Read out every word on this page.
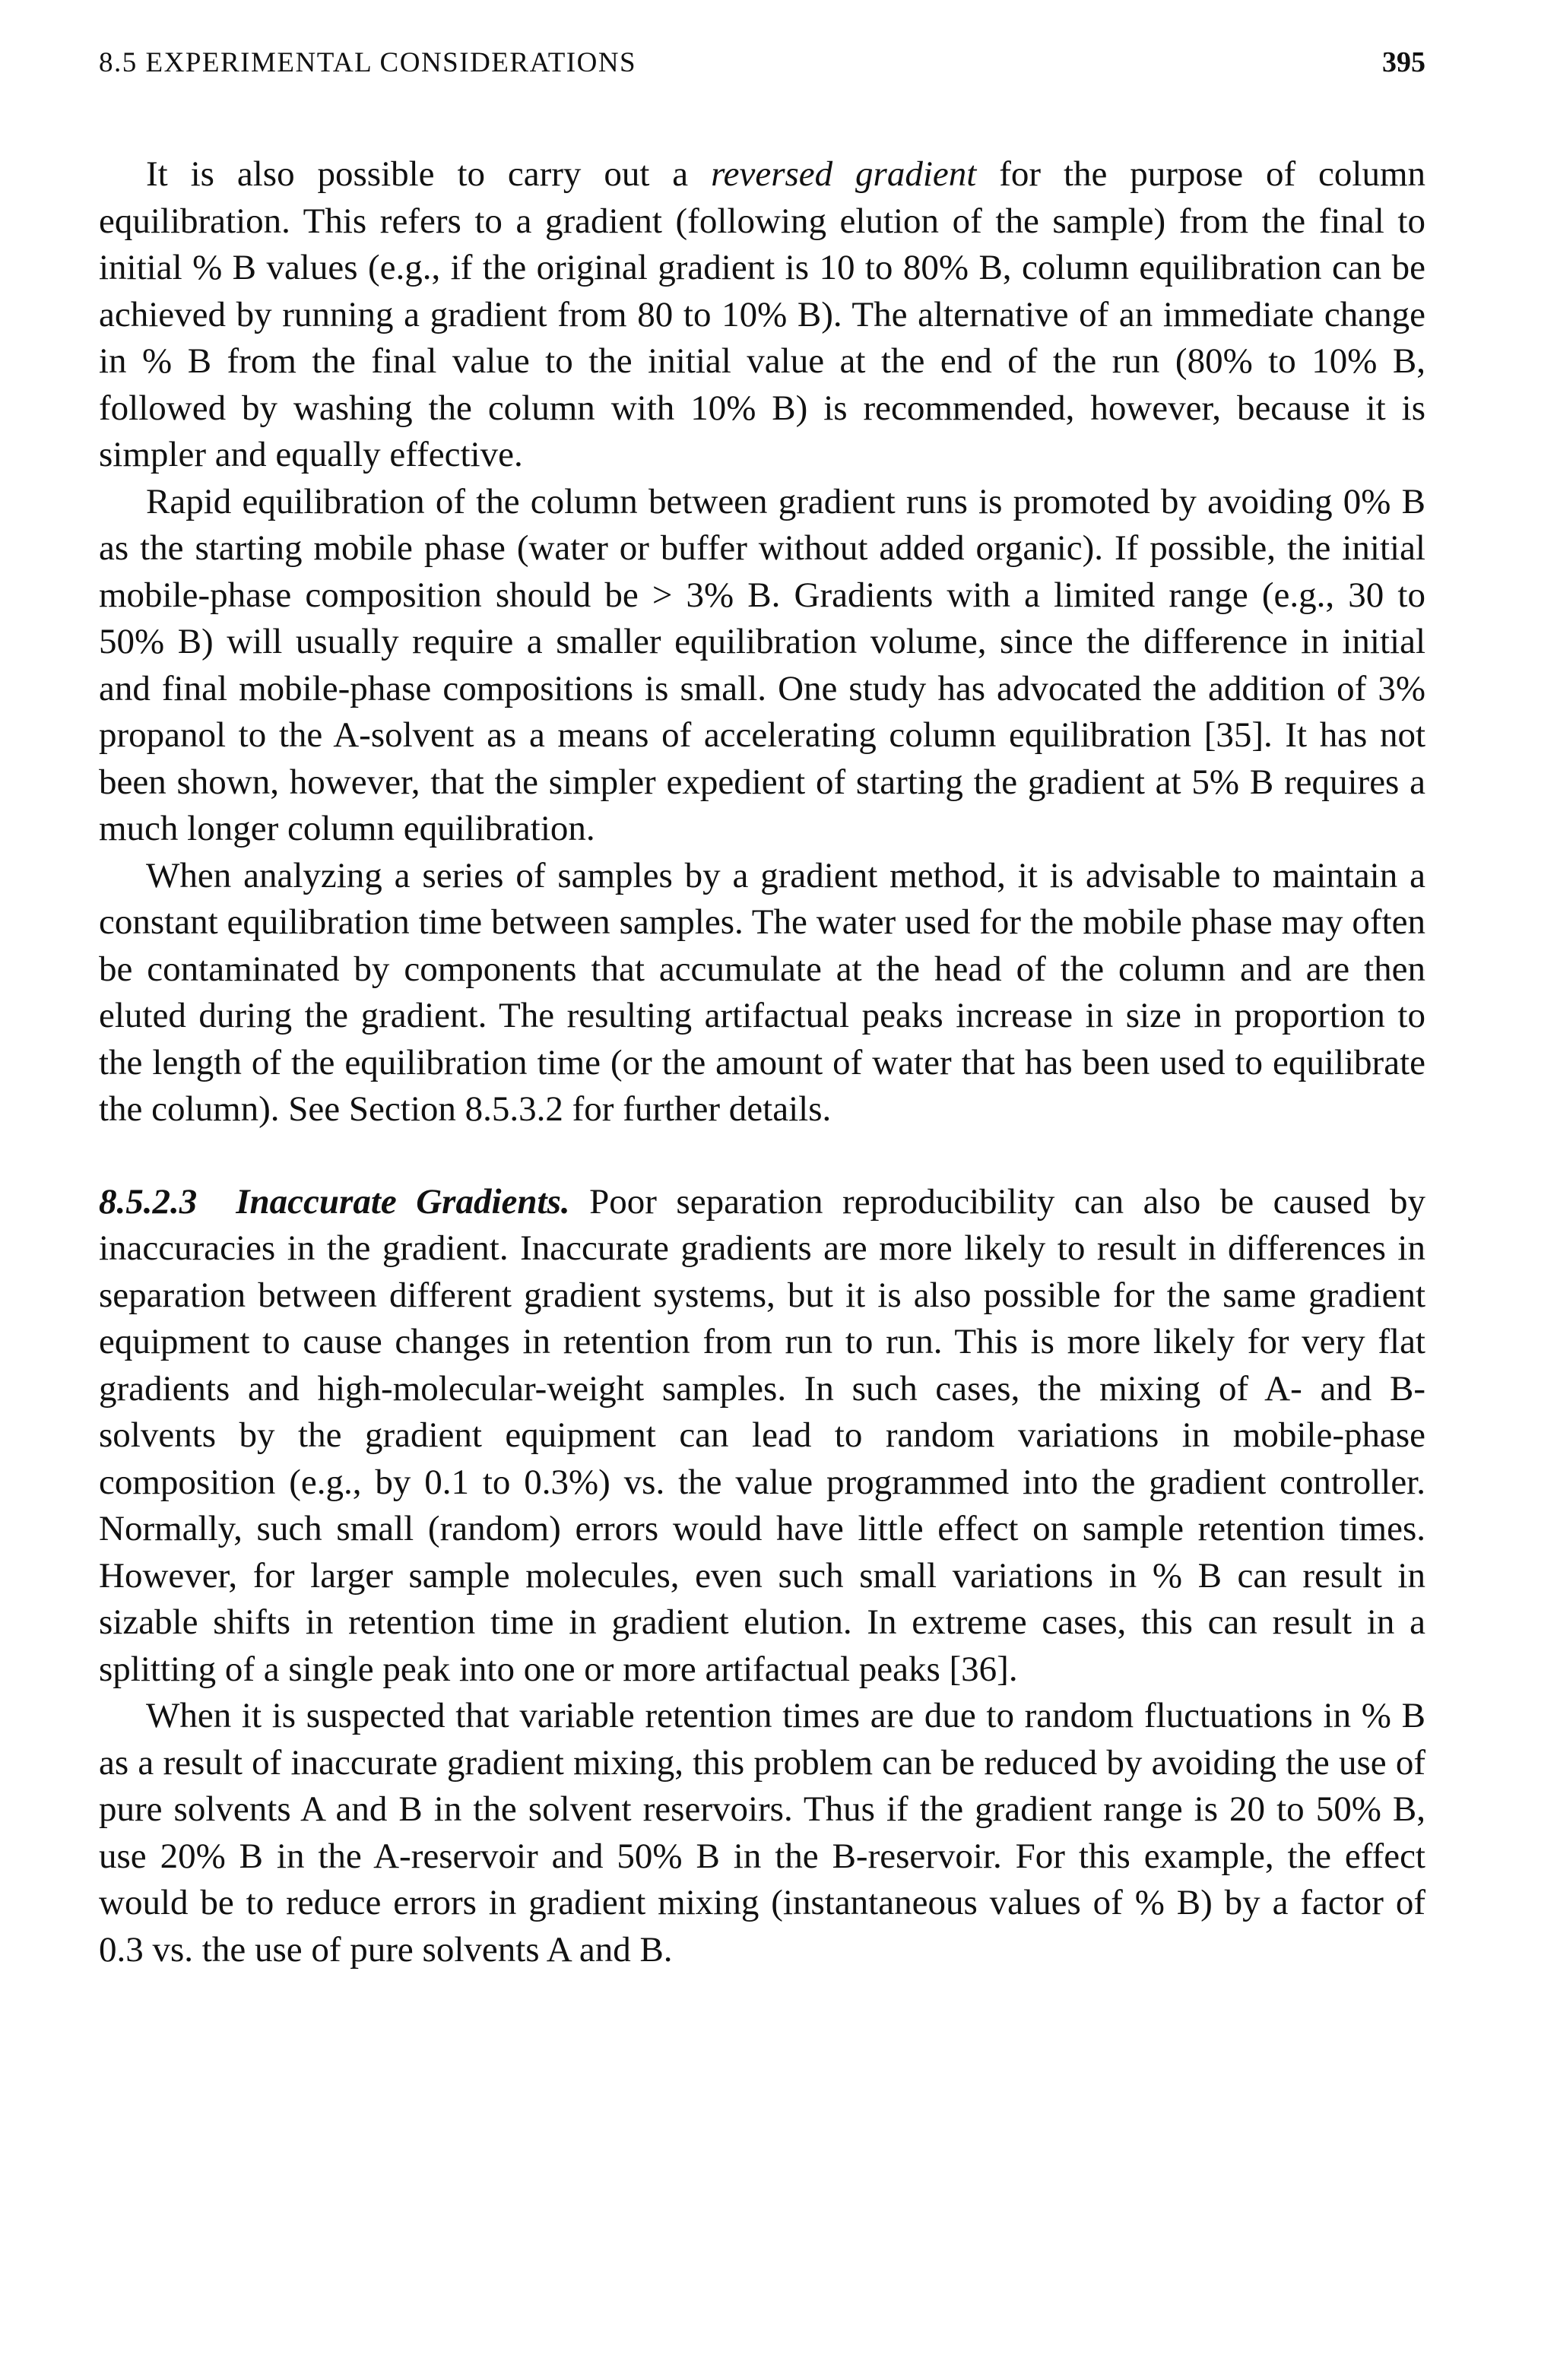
8.5 EXPERIMENTAL CONSIDERATIONS	395

It is also possible to carry out a reversed gradient for the purpose of column equilibration. This refers to a gradient (following elution of the sample) from the final to initial % B values (e.g., if the original gradient is 10 to 80% B, column equilibration can be achieved by running a gradient from 80 to 10% B). The alternative of an immediate change in % B from the final value to the initial value at the end of the run (80% to 10% B, followed by washing the column with 10% B) is recommended, however, because it is simpler and equally effective.

Rapid equilibration of the column between gradient runs is promoted by avoiding 0% B as the starting mobile phase (water or buffer without added organic). If possible, the initial mobile-phase composition should be > 3% B. Gradients with a limited range (e.g., 30 to 50% B) will usually require a smaller equilibration volume, since the difference in initial and final mobile-phase compositions is small. One study has advocated the addition of 3% propanol to the A-solvent as a means of accelerating column equilibration [35]. It has not been shown, however, that the simpler expedient of starting the gradient at 5% B requires a much longer column equilibration.

When analyzing a series of samples by a gradient method, it is advisable to maintain a constant equilibration time between samples. The water used for the mobile phase may often be contaminated by components that accumulate at the head of the column and are then eluted during the gradient. The resulting artifactual peaks increase in size in proportion to the length of the equilibration time (or the amount of water that has been used to equilibrate the column). See Section 8.5.3.2 for further details.

8.5.2.3 Inaccurate Gradients. Poor separation reproducibility can also be caused by inaccuracies in the gradient. Inaccurate gradients are more likely to result in differences in separation between different gradient systems, but it is also possible for the same gradient equipment to cause changes in retention from run to run. This is more likely for very flat gradients and high-molecular-weight samples. In such cases, the mixing of A- and B-solvents by the gradient equipment can lead to random variations in mobile-phase composition (e.g., by 0.1 to 0.3%) vs. the value programmed into the gradient controller. Normally, such small (random) errors would have little effect on sample retention times. However, for larger sample molecules, even such small variations in % B can result in sizable shifts in retention time in gradient elution. In extreme cases, this can result in a splitting of a single peak into one or more artifactual peaks [36].

When it is suspected that variable retention times are due to random fluctuations in % B as a result of inaccurate gradient mixing, this problem can be reduced by avoiding the use of pure solvents A and B in the solvent reservoirs. Thus if the gradient range is 20 to 50% B, use 20% B in the A-reservoir and 50% B in the B-reservoir. For this example, the effect would be to reduce errors in gradient mixing (instantaneous values of % B) by a factor of 0.3 vs. the use of pure solvents A and B.
